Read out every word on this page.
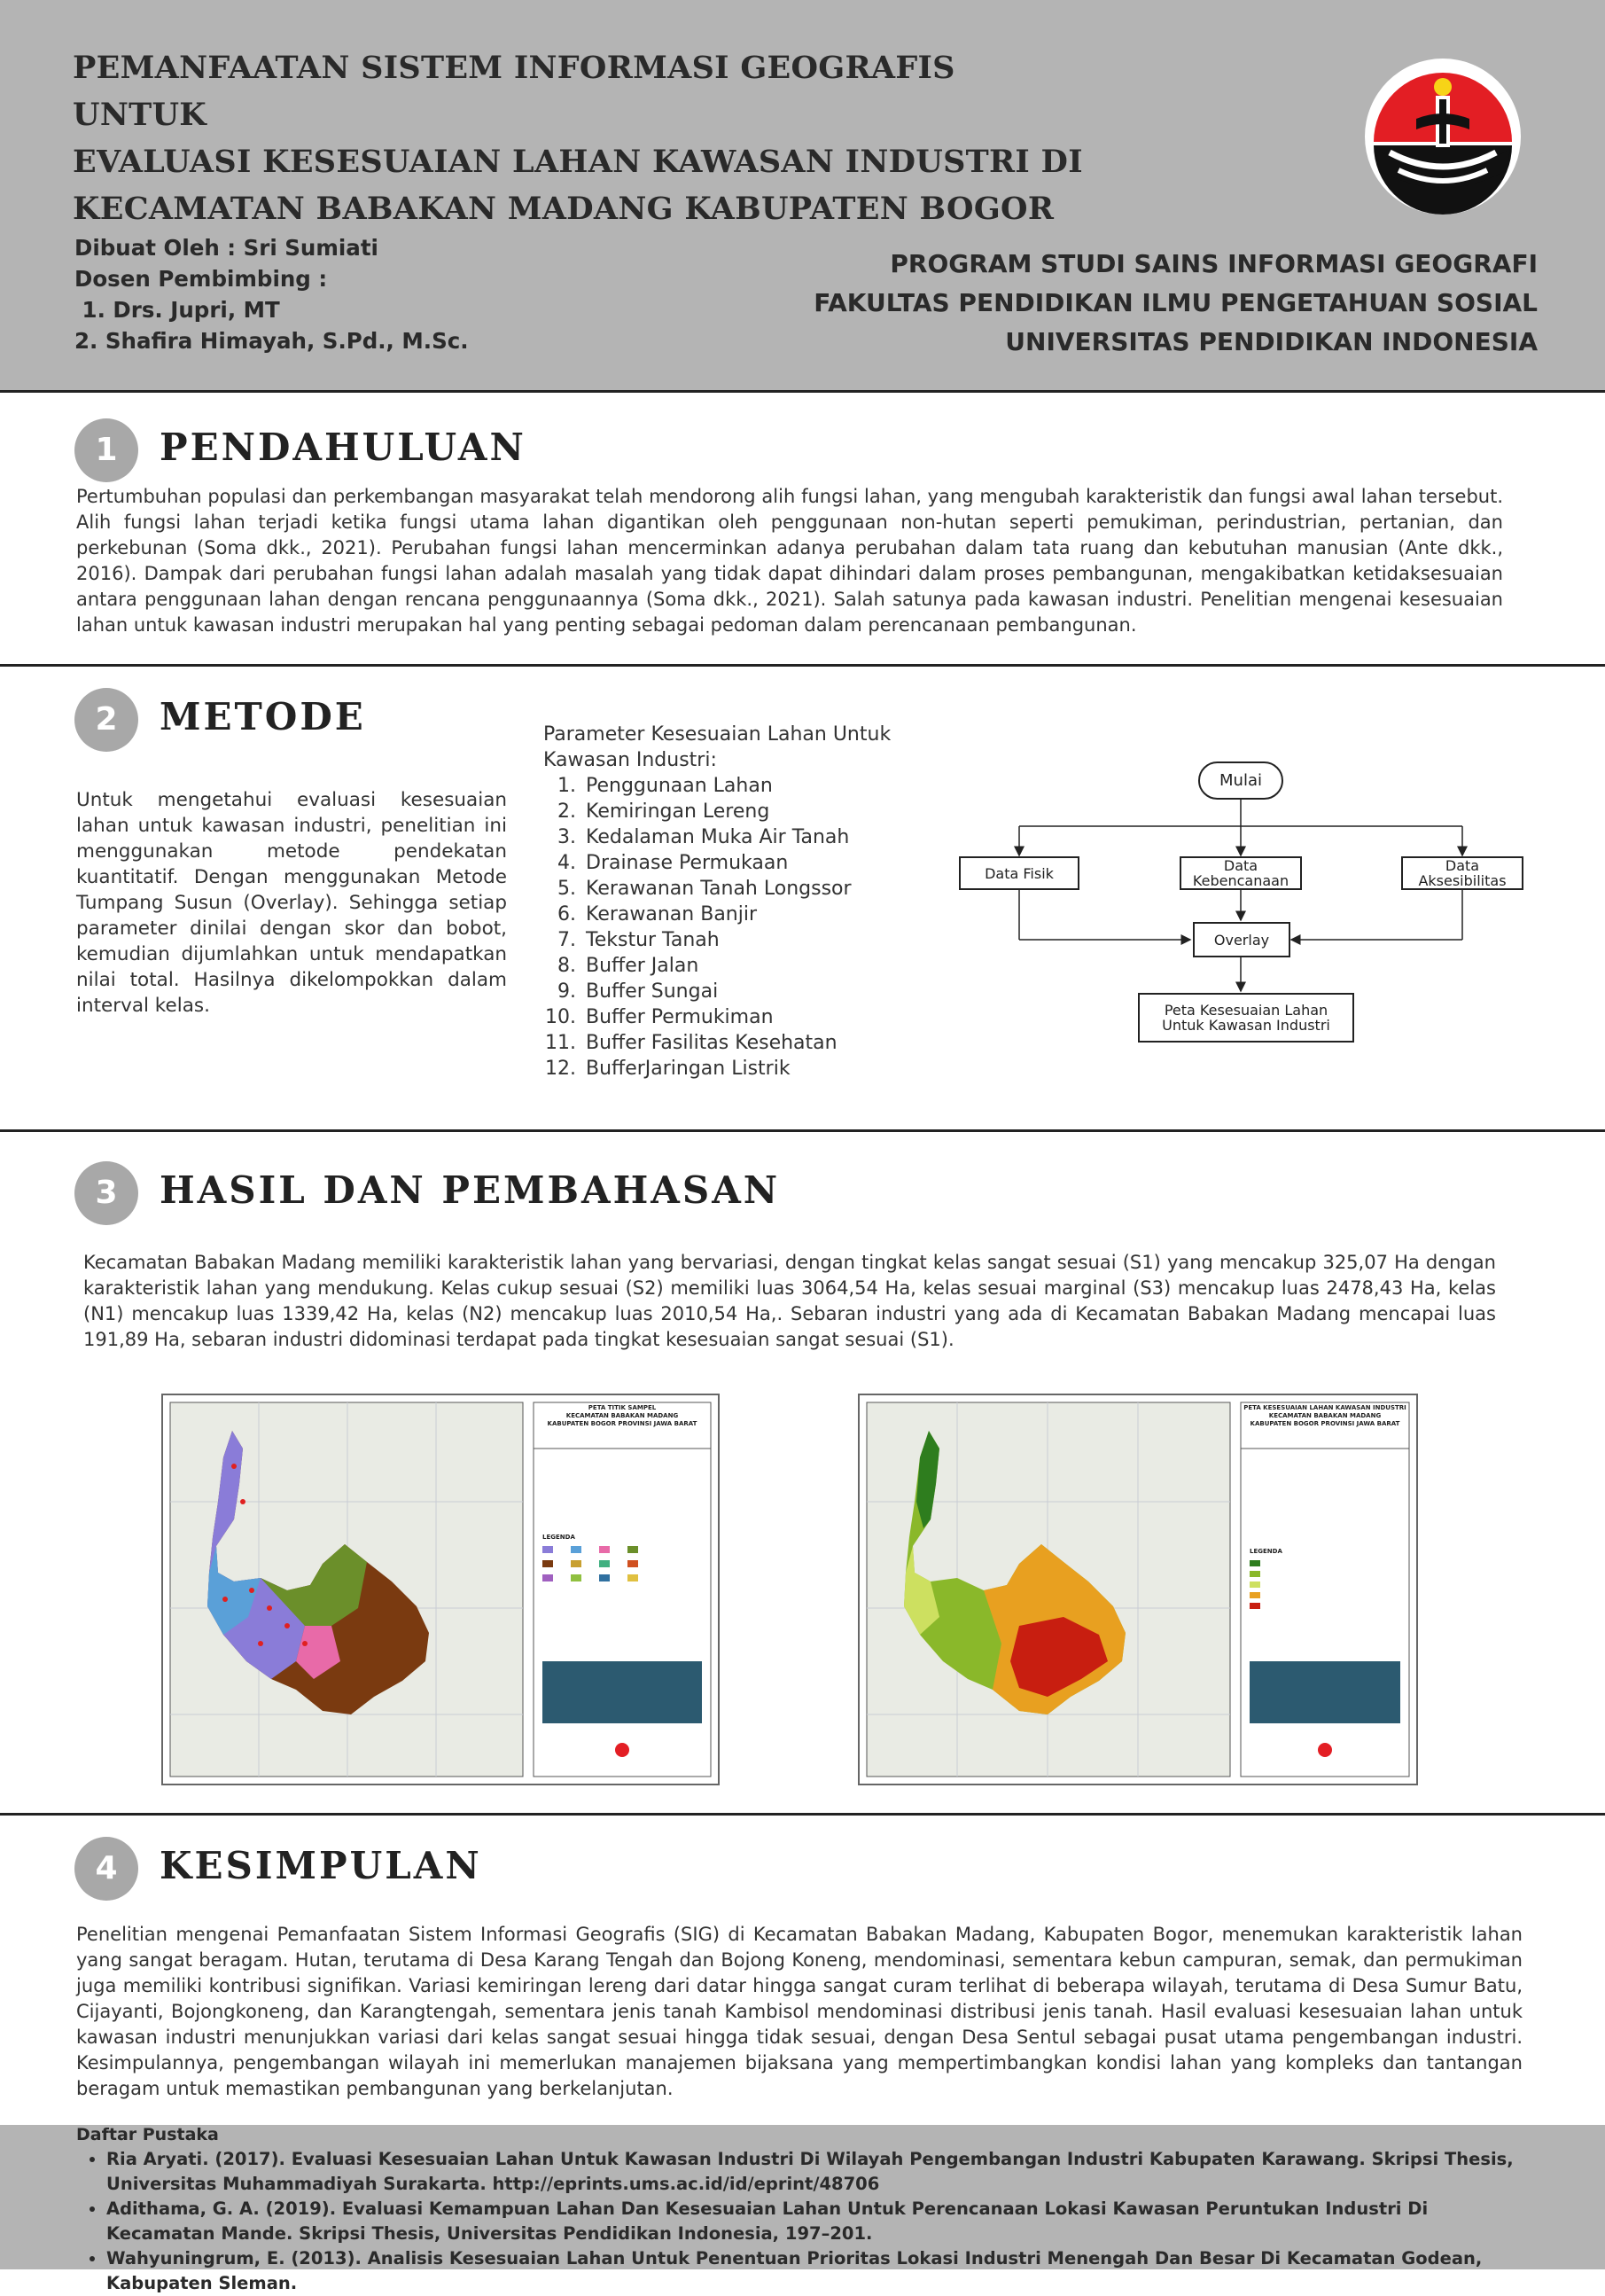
PEMANFAATAN SISTEM INFORMASI GEOGRAFIS UNTUK
EVALUASI KESESUAIAN LAHAN KAWASAN INDUSTRI DI
KECAMATAN BABAKAN MADANG KABUPATEN BOGOR
Dibuat Oleh : Sri Sumiati
Dosen Pembimbing :
1. Drs. Jupri, MT
2. Shafira Himayah, S.Pd., M.Sc.
PROGRAM STUDI SAINS INFORMASI GEOGRAFI
FAKULTAS PENDIDIKAN ILMU PENGETAHUAN SOSIAL
UNIVERSITAS PENDIDIKAN INDONESIA
1	PENDAHULUAN
Pertumbuhan populasi dan perkembangan masyarakat telah mendorong alih fungsi lahan, yang mengubah karakteristik dan fungsi awal lahan tersebut. Alih fungsi lahan terjadi ketika fungsi utama lahan digantikan oleh penggunaan non-hutan seperti pemukiman, perindustrian, pertanian, dan perkebunan (Soma dkk., 2021). Perubahan fungsi lahan mencerminkan adanya perubahan dalam tata ruang dan kebutuhan manusian (Ante dkk., 2016). Dampak dari perubahan fungsi lahan adalah masalah yang tidak dapat dihindari dalam proses pembangunan, mengakibatkan ketidaksesuaian antara penggunaan lahan dengan rencana penggunaannya (Soma dkk., 2021). Salah satunya pada kawasan industri. Penelitian mengenai kesesuaian lahan untuk kawasan industri merupakan hal yang penting sebagai pedoman dalam perencanaan pembangunan.
2	METODE
Untuk mengetahui evaluasi kesesuaian lahan untuk kawasan industri, penelitian ini menggunakan metode pendekatan kuantitatif. Dengan menggunakan Metode Tumpang Susun (Overlay). Sehingga setiap parameter dinilai dengan skor dan bobot, kemudian dijumlahkan untuk mendapatkan nilai total. Hasilnya dikelompokkan dalam interval kelas.
Parameter Kesesuaian Lahan Untuk Kawasan Industri:
1. Penggunaan Lahan
2. Kemiringan Lereng
3. Kedalaman Muka Air Tanah
4. Drainase Permukaan
5. Kerawanan Tanah Longssor
6. Kerawanan Banjir
7. Tekstur Tanah
8. Buffer Jalan
9. Buffer Sungai
10. Buffer Permukiman
11. Buffer Fasilitas Kesehatan
12. BufferJaringan Listrik
Mulai
Data Fisik	Data Kebencanaan
Data Aksesibilitas
Overlay
Peta Kesesuaian Lahan Untuk Kawasan Industri
3	HASIL DAN PEMBAHASAN
Kecamatan Babakan Madang memiliki karakteristik lahan yang bervariasi, dengan tingkat kelas sangat sesuai (S1) yang mencakup 325,07 Ha dengan karakteristik lahan yang mendukung. Kelas cukup sesuai (S2) memiliki luas 3064,54 Ha, kelas sesuai marginal (S3) mencakup luas 2478,43 Ha, kelas (N1) mencakup luas 1339,42 Ha, kelas (N2) mencakup luas 2010,54 Ha,. Sebaran industri yang ada di Kecamatan Babakan Madang mencapai luas 191,89 Ha, sebaran industri didominasi terdapat pada tingkat kesesuaian sangat sesuai (S1).
PETA TITIK SAMPEL
KECAMATAN BABAKAN MADANG
KABUPATEN BOGOR PROVINSI JAWA BARAT
LEGENDA
PETA KESESUAIAN LAHAN KAWASAN INDUSTRI
KECAMATAN BABAKAN MADANG
KABUPATEN BOGOR PROVINSI JAWA BARAT
LEGENDA
4	KESIMPULAN
Penelitian mengenai Pemanfaatan Sistem Informasi Geografis (SIG) di Kecamatan Babakan Madang, Kabupaten Bogor, menemukan karakteristik lahan yang sangat beragam. Hutan, terutama di Desa Karang Tengah dan Bojong Koneng, mendominasi, sementara kebun campuran, semak, dan permukiman juga memiliki kontribusi signifikan. Variasi kemiringan lereng dari datar hingga sangat curam terlihat di beberapa wilayah, terutama di Desa Sumur Batu, Cijayanti, Bojongkoneng, dan Karangtengah, sementara jenis tanah Kambisol mendominasi distribusi jenis tanah. Hasil evaluasi kesesuaian lahan untuk kawasan industri menunjukkan variasi dari kelas sangat sesuai hingga tidak sesuai, dengan Desa Sentul sebagai pusat utama pengembangan industri. Kesimpulannya, pengembangan wilayah ini memerlukan manajemen bijaksana yang mempertimbangkan kondisi lahan yang kompleks dan tantangan beragam untuk memastikan pembangunan yang berkelanjutan.
Daftar Pustaka
• Ria Aryati. (2017). Evaluasi Kesesuaian Lahan Untuk Kawasan Industri Di Wilayah Pengembangan Industri Kabupaten Karawang. Skripsi Thesis, Universitas Muhammadiyah Surakarta. http://eprints.ums.ac.id/id/eprint/48706
• Adithama, G. A. (2019). Evaluasi Kemampuan Lahan Dan Kesesuaian Lahan Untuk Perencanaan Lokasi Kawasan Peruntukan Industri Di Kecamatan Mande. Skripsi Thesis, Universitas Pendidikan Indonesia, 197–201.
• Wahyuningrum, E. (2013). Analisis Kesesuaian Lahan Untuk Penentuan Prioritas Lokasi Industri Menengah Dan Besar Di Kecamatan Godean, Kabupaten Sleman.
